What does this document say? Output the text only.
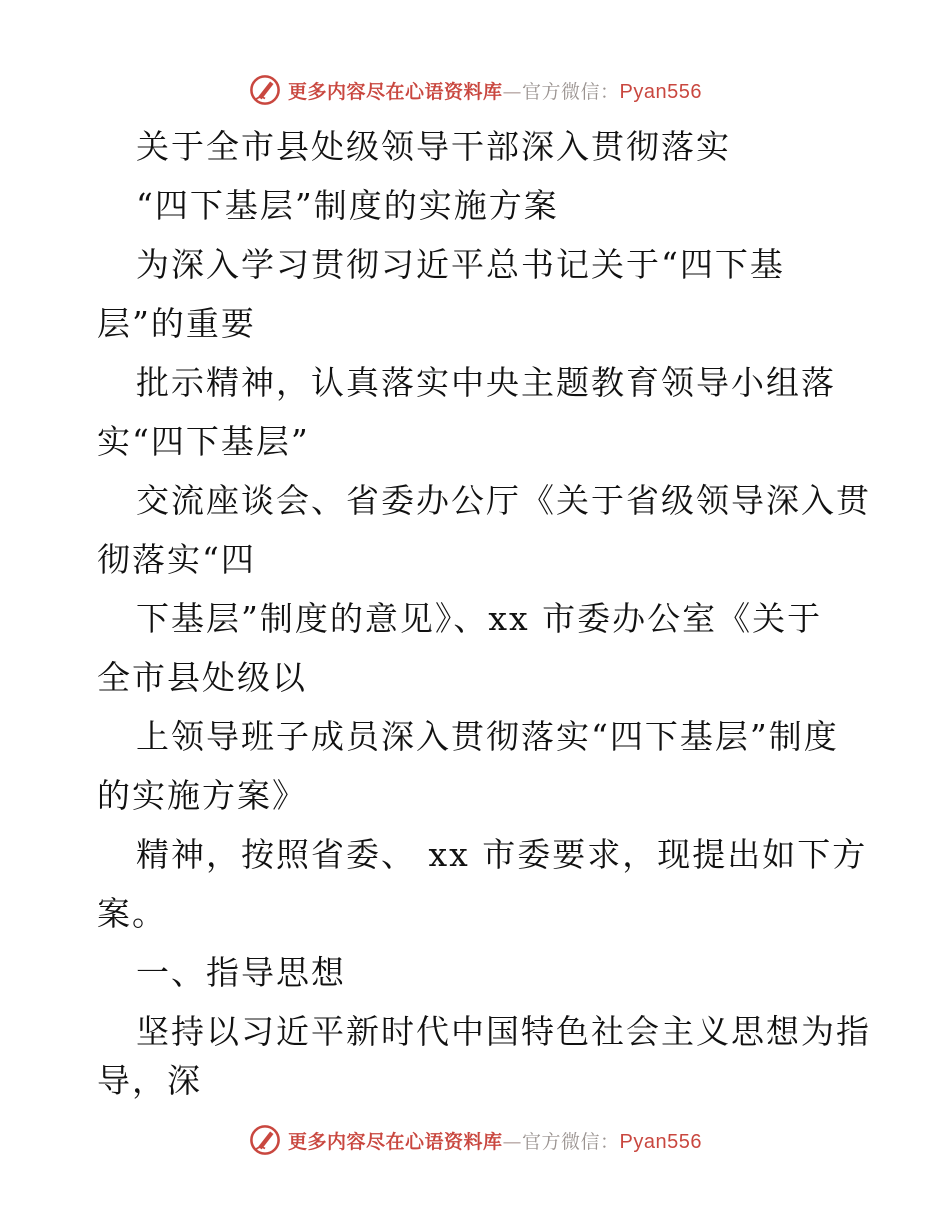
更多内容尽在心语资料库—官方微信：Pyan556
关于全市县处级领导干部深入贯彻落实
“四下基层”制度的实施方案
为深入学习贯彻习近平总书记关于“四下基
层”的重要
批示精神，认真落实中央主题教育领导小组落
实“四下基层”
交流座谈会、省委办公厅《关于省级领导深入贯
彻落实“四
下基层”制度的意见》、xx 市委办公室《关于
全市县处级以
上领导班子成员深入贯彻落实“四下基层”制度
的实施方案》
精神，按照省委、 xx 市委要求，现提出如下方
案。
一、指导思想
坚持以习近平新时代中国特色社会主义思想为指
导，深
更多内容尽在心语资料库—官方微信：Pyan556
